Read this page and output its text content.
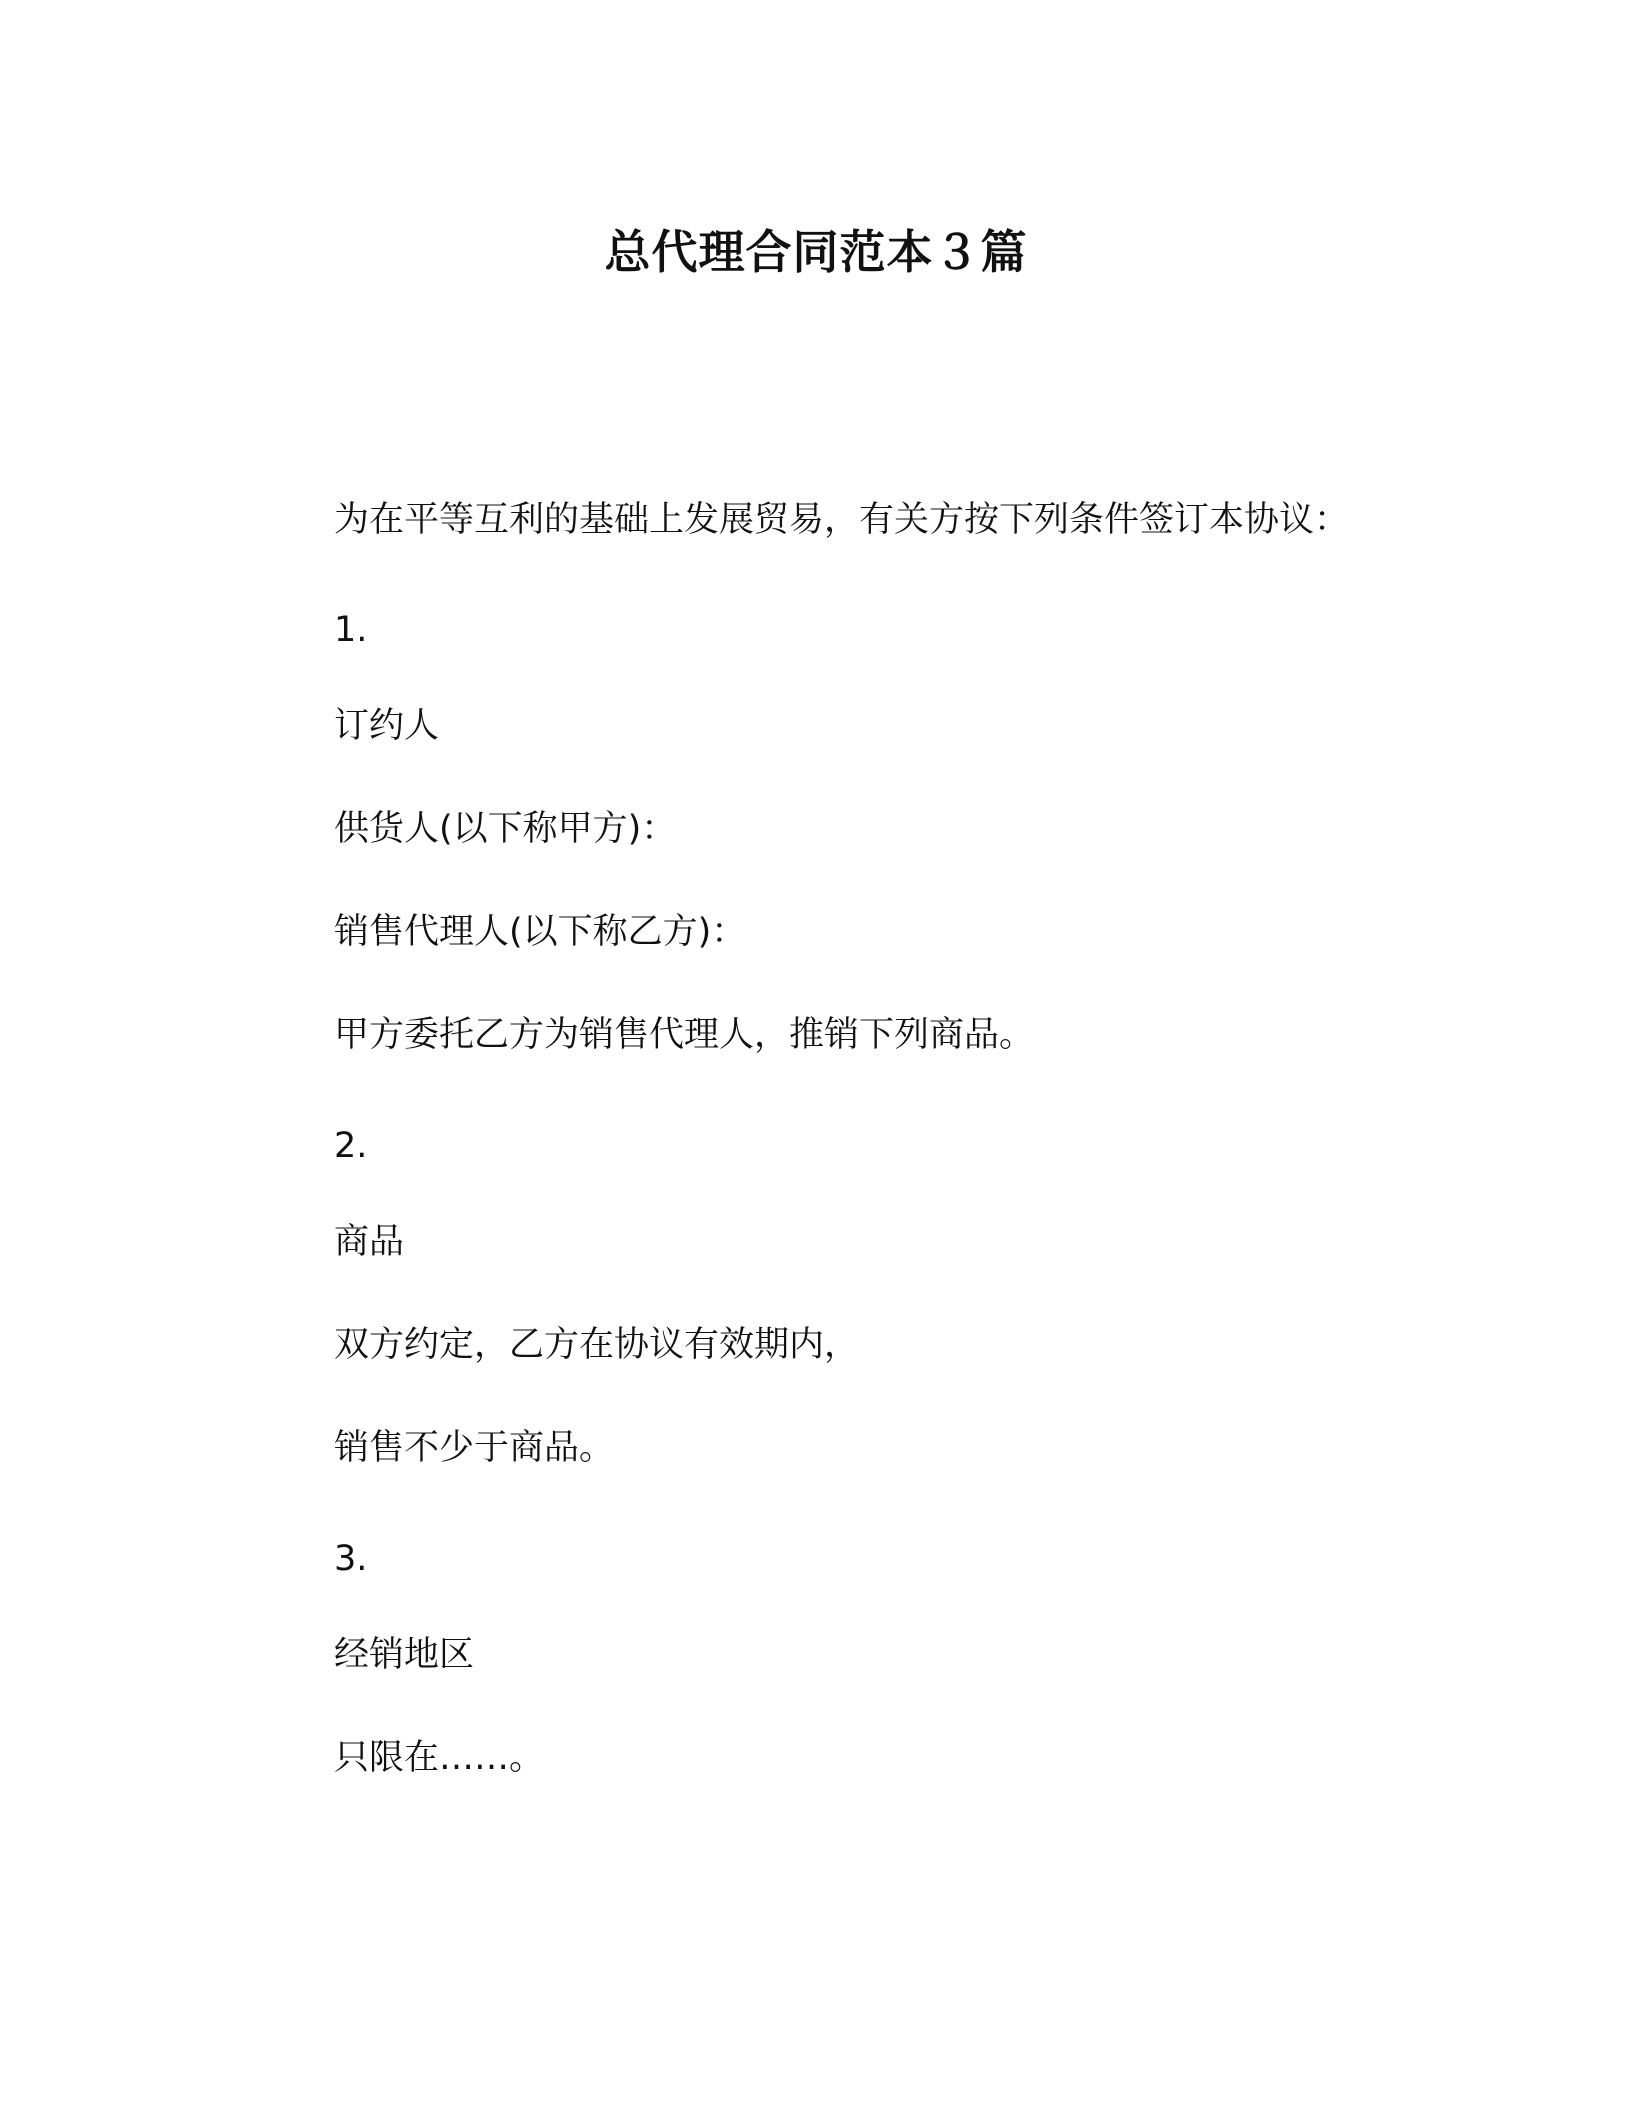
总代理合同范本３篇

为在平等互利的基础上发展贸易，有关方按下列条件签订本协议：

1.

订约人

供货人(以下称甲方)：

销售代理人(以下称乙方)：

甲方委托乙方为销售代理人，推销下列商品。

2.

商品

双方约定，乙方在协议有效期内，

销售不少于商品。

3.

经销地区

只限在……。
